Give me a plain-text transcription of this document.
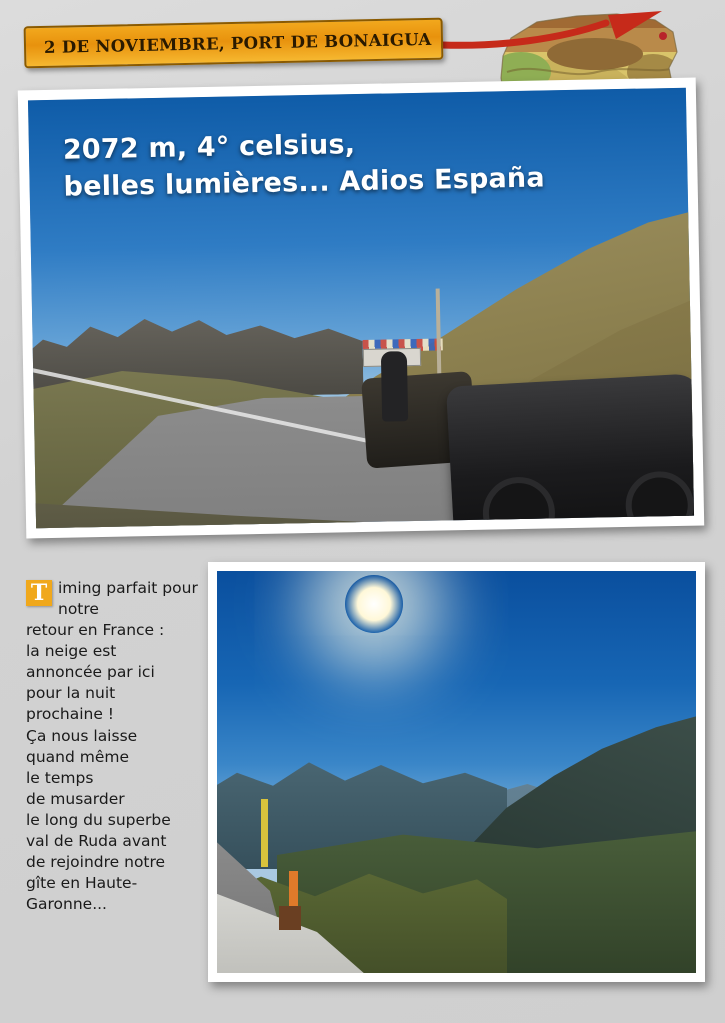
2 DE NOVIEMBRE, PORT DE BONAIGUA
2072 m, 4° celsius,
belles lumières... Adios España
T iming parfait pour notre
retour en France :
la neige est
annoncée par ici
pour la nuit
prochaine !
Ça nous laisse
quand même
le temps
de musarder
le long du superbe
val de Ruda avant
de rejoindre notre
gîte en Haute-
Garonne...
